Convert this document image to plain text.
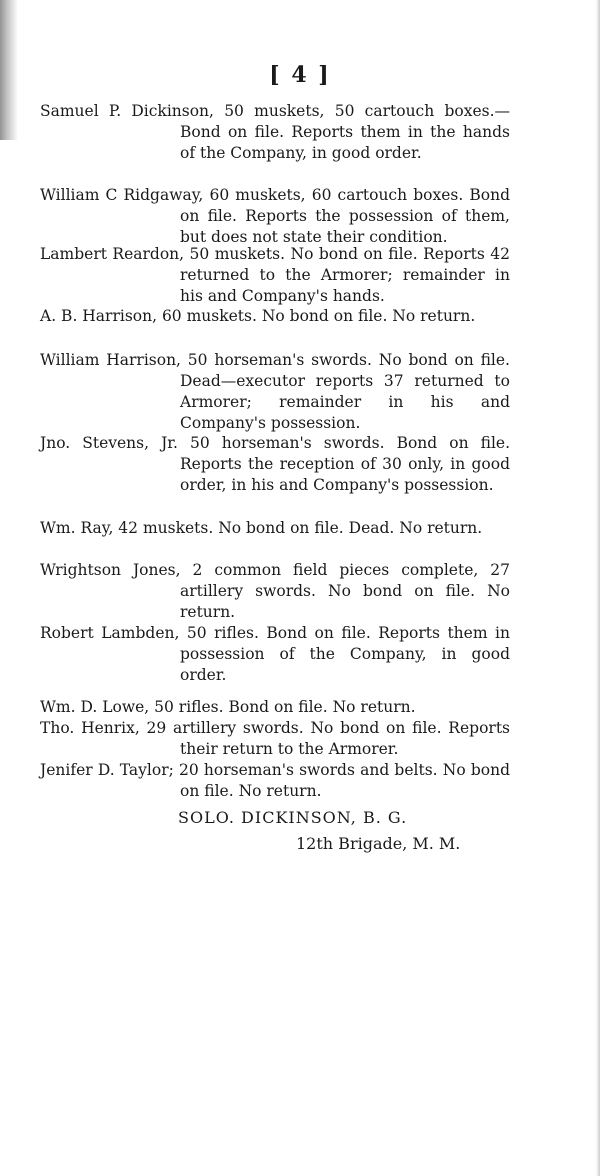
[ 4 ]
Samuel P. Dickinson, 50 muskets, 50 cartouch boxes.— Bond on file. Reports them in the hands of the Company, in good order.
William C Ridgaway, 60 muskets, 60 cartouch boxes. Bond on file. Reports the possession of them, but does not state their condition.
Lambert Reardon, 50 muskets. No bond on file. Reports 42 returned to the Armorer; remainder in his and Company's hands.
A. B. Harrison, 60 muskets. No bond on file. No return.
William Harrison, 50 horseman's swords. No bond on file. Dead—executor reports 37 returned to Armorer; remainder in his and Company's possession.
Jno. Stevens, Jr. 50 horseman's swords. Bond on file. Reports the reception of 30 only, in good order, in his and Company's possession.
Wm. Ray, 42 muskets. No bond on file. Dead. No return.
Wrightson Jones, 2 common field pieces complete, 27 artillery swords. No bond on file. No return.
Robert Lambden, 50 rifles. Bond on file. Reports them in possession of the Company, in good order.
Wm. D. Lowe, 50 rifles. Bond on file. No return.
Tho. Henrix, 29 artillery swords. No bond on file. Reports their return to the Armorer.
Jenifer D. Taylor; 20 horseman's swords and belts. No bond on file. No return.
SOLO. DICKINSON, B. G.
12th Brigade, M. M.
